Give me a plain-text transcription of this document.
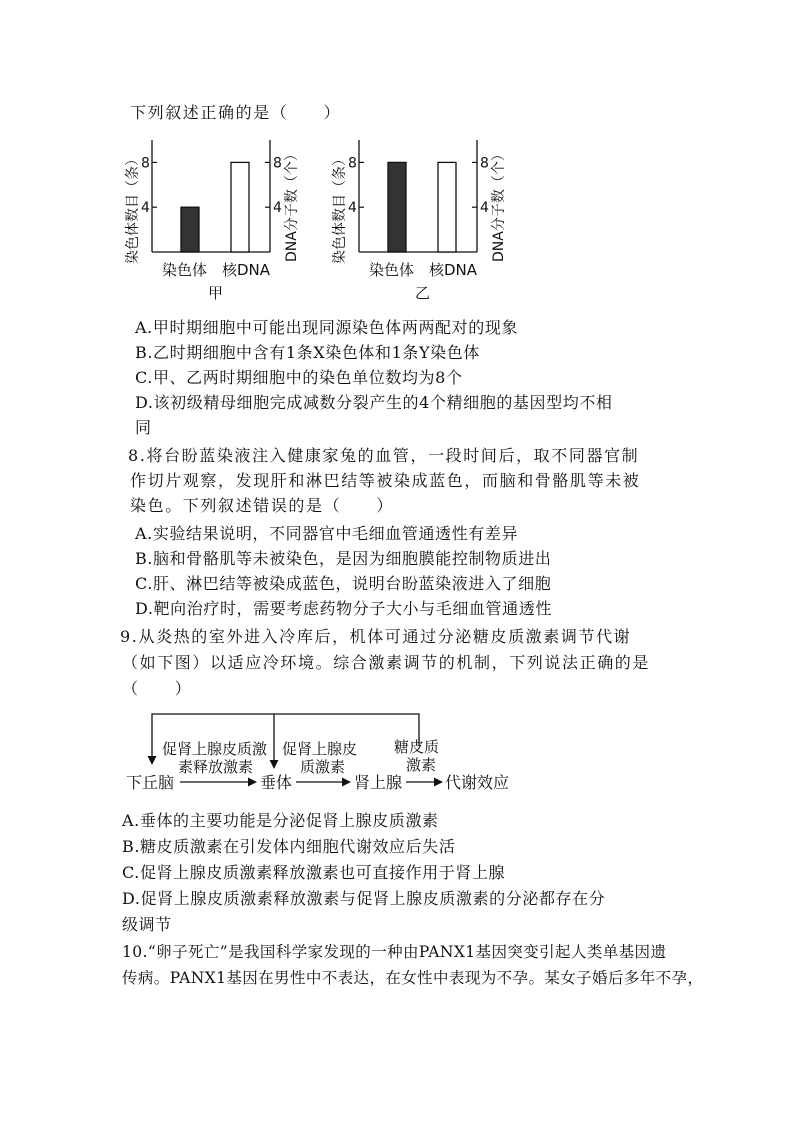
下列叙述正确的是（　　）
4	4
8	8
染色体 核DNA
甲
染色体数目（条）	DNA分子数（个）	4	4
8	8
染色体 核DNA
乙
染色体数目（条）	DNA分子数（个）
A.甲时期细胞中可能出现同源染色体两两配对的现象
B.乙时期细胞中含有1条X染色体和1条Y染色体
C.甲、乙两时期细胞中的染色单位数均为8个
D.该初级精母细胞完成减数分裂产生的4个精细胞的基因型均不相
同
8.将台盼蓝染液注入健康家兔的血管，一段时间后，取不同器官制
作切片观察，发现肝和淋巴结等被染成蓝色，而脑和骨骼肌等未被
染色。下列叙述错误的是（　　）
A.实验结果说明，不同器官中毛细血管通透性有差异
B.脑和骨骼肌等未被染色，是因为细胞膜能控制物质进出
C.肝、淋巴结等被染成蓝色，说明台盼蓝染液进入了细胞
D.靶向治疗时，需要考虑药物分子大小与毛细血管通透性
9.从炎热的室外进入冷库后，机体可通过分泌糖皮质激素调节代谢
（如下图）以适应冷环境。综合激素调节的机制，下列说法正确的是
（　　）
下丘脑	垂体	肾上腺	代谢效应
促肾上腺皮质激
素释放激素
促肾上腺皮
质激素
糖皮质
激素
A.垂体的主要功能是分泌促肾上腺皮质激素
B.糖皮质激素在引发体内细胞代谢效应后失活
C.促肾上腺皮质激素释放激素也可直接作用于肾上腺
D.促肾上腺皮质激素释放激素与促肾上腺皮质激素的分泌都存在分
级调节
10.“卵子死亡”是我国科学家发现的一种由PANX1基因突变引起人类单基因遗
传病。PANX1基因在男性中不表达，在女性中表现为不孕。某女子婚后多年不孕，
